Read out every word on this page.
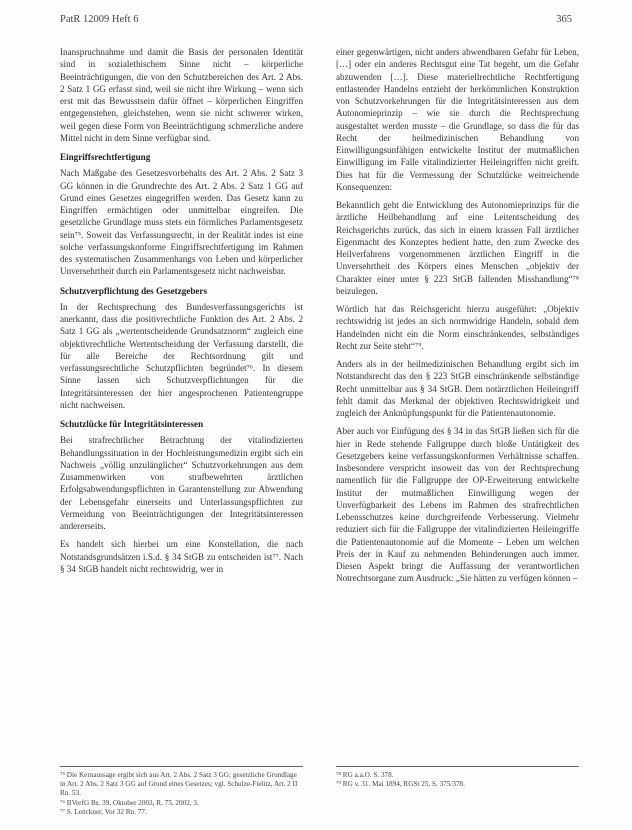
PatR 12009 Heft 6	365

Inanspruchnahme und damit die Basis der personalen Identität sind in sozialethischem Sinne nicht – körperliche Beeinträchtigungen, die von den Schutzbereichen des Art. 2 Abs. 2 Satz 1 GG erfasst sind, weil sie nicht ihre Wirkung – wenn sich erst mit das Bewusstsein dafür öffnet – körperlichen Eingriffen entgegenstehen, gleichstehen, wenn sie nicht schwerer wirken, weil gegen diese Form von Beeinträchtigung schmerzliche andere Mittel nicht in dem Sinne verfügbar sind.

Eingriffsrechtfertigung

Nach Maßgabe des Gesetzesvorbehalts des Art. 2 Abs. 2 Satz 3 GG können in die Grundrechte des Art. 2 Abs. 2 Satz 1 GG auf Grund eines Gesetzes eingegriffen werden. Das Gesetz kann zu Eingriffen ermächtigen oder unmittelbar eingreifen. Die gesetzliche Grundlage muss stets ein förmliches Parlamentsgesetz sein⁷⁵. Soweit das Verfassungsrecht, in der Realität indes ist eine solche verfassungskonforme Eingriffsrechtfertigung im Rahmen des systematischen Zusammenhangs von Leben und körperlicher Unversehrtheit durch ein Parlamentsgesetz nicht nachweisbar.

Schutzverpflichtung des Gesetzgebers

In der Rechtsprechung des Bundesverfassungsgerichts ist anerkannt, dass die positivrechtliche Funktion des Art. 2 Abs. 2 Satz 1 GG als „wertentscheidende Grundsatznorm“ zugleich eine objektivrechtliche Wertentscheidung der Verfassung darstellt, die für alle Bereiche der Rechtsordnung gilt und verfassungsrechtliche Schutzpflichten begründet⁷⁶. In diesem Sinne lassen sich Schutzverpflichtungen für die Integritätsinteressen der hier angesprochenen Patientengruppe nicht nachweisen.

Schutzlücke für Integritätsinteressen

Bei strafrechtlicher Betrachtung der vitalindizierten Behandlungssituation in der Hochleistungsmedizin ergibt sich ein Nachweis „völlig unzulänglicher“ Schutzvorkehrungen aus dem Zusammenwirken von strafbewehrten ärztlichen Erfolgsabwendungspflichten in Garantenstellung zur Abwendung der Lebensgefahr einerseits und Unterlassungspflichten zur Vermeidung von Beeinträchtigungen der Integritätsinteressen andererseits.

Es handelt sich hierbei um eine Konstellation, die nach Notstandsgrundsätzen i.S.d. § 34 StGB zu entscheiden ist⁷⁷. Nach § 34 StGB handelt nicht rechtswidrig, wer in

einer gegenwärtigen, nicht anders abwendbaren Gefahr für Leben, […] oder ein anderes Rechtsgut eine Tat begeht, um die Gefahr abzuwenden […]. Diese materiellrechtliche Rechtfertigung entlastender Handelns entzieht der herkömmlichen Konstruktion von Schutzvorkehrungen für die Integritätsinteressen aus dem Autonomieprinzip – wie sie durch die Rechtsprechung ausgestaltet werden musste – die Grundlage, so dass die für das Recht der heilmedizinischen Behandlung von Einwilligungsunfähigen entwickelte Institut der mutmaßlichen Einwilligung im Falle vitalindizierter Heileingriffen nicht greift. Dies hat für die Vermessung der Schutzlücke weitreichende Konsequenzen:

Bekanntlich geht die Entwicklung des Autonomieprinzips für die ärztliche Heilbehandlung auf eine Leitentscheidung des Reichsgerichts zurück, das sich in einem krassen Fall ärztlicher Eigenmacht des Konzeptes bedient hatte, den zum Zwecke des Heilverfahrens vorgenommenen ärztlichen Eingriff in die Unversehrtheit des Körpers eines Menschen „objektiv der Charakter einer unter § 223 StGB fallenden Misshandlung“⁷⁸ beizulegen.

Wörtlich hat das Reichsgericht hierzu ausgeführt: „Objektiv rechtswidrig ist jedes an sich normwidrige Handeln, sobald dem Handelnden nicht ein die Norm einschränkendes, selbständiges Recht zur Seite steht“⁷⁹.

Anders als in der heilmedizinischen Behandlung ergibt sich im Notstandsrecht das den § 223 StGB einschränkende selbständige Recht unmittelbar aus § 34 StGB. Dem notärztlichen Heileingriff fehlt damit das Merkmal der objektiven Rechtswidrigkeit und zugleich der Anknüpfungspunkt für die Patientenautonomie.

Aber auch vor Einfügung des § 34 in das StGB ließen sich für die hier in Rede stehende Fallgruppe durch bloße Untätigkeit des Gesetzgebers keine verfassungskonformen Verhältnisse schaffen. Insbesondere verspricht insoweit das von der Rechtsprechung namentlich für die Fallgruppe der OP-Erweiterung entwickelte Institut der mutmaßlichen Einwilligung wegen der Unverfügbarkeit des Lebens im Rahmen des strafrechtlichen Lebensschutzes keine durchgreifende Verbesserung. Vielmehr reduziert sich für die Fallgruppe der vitalindizierten Heileingriffe die Patientenautonomie auf die Momente – Leben um welchen Preis der in Kauf zu nehmenden Behinderungen auch immer. Diesen Aspekt bringt die Auffassung der verantwortlichen Notrechtsorgane zum Ausdruck: „Sie hätten zu verfügen können –

⁷⁵ Die Kernaussage ergibt sich aus Art. 2 Abs. 2 Satz 3 GG; gesetzliche Grundlage in Art. 2 Abs. 2 Satz 3 GG auf Grund eines Gesetzes; vgl. Schulze-Fielitz, Art. 2 II Rn. 53.
⁷⁶ BVerfG Bs. 39, Oktober 2003, R. 75, 2002, 3.
⁷⁷ S. Lenckner, Vor 32 Rn. 77.
⁷⁸ RG a.a.O. S. 378.
⁷⁹ RG v. 31. Mai 1894, RGSt 25, S. 375/378.
